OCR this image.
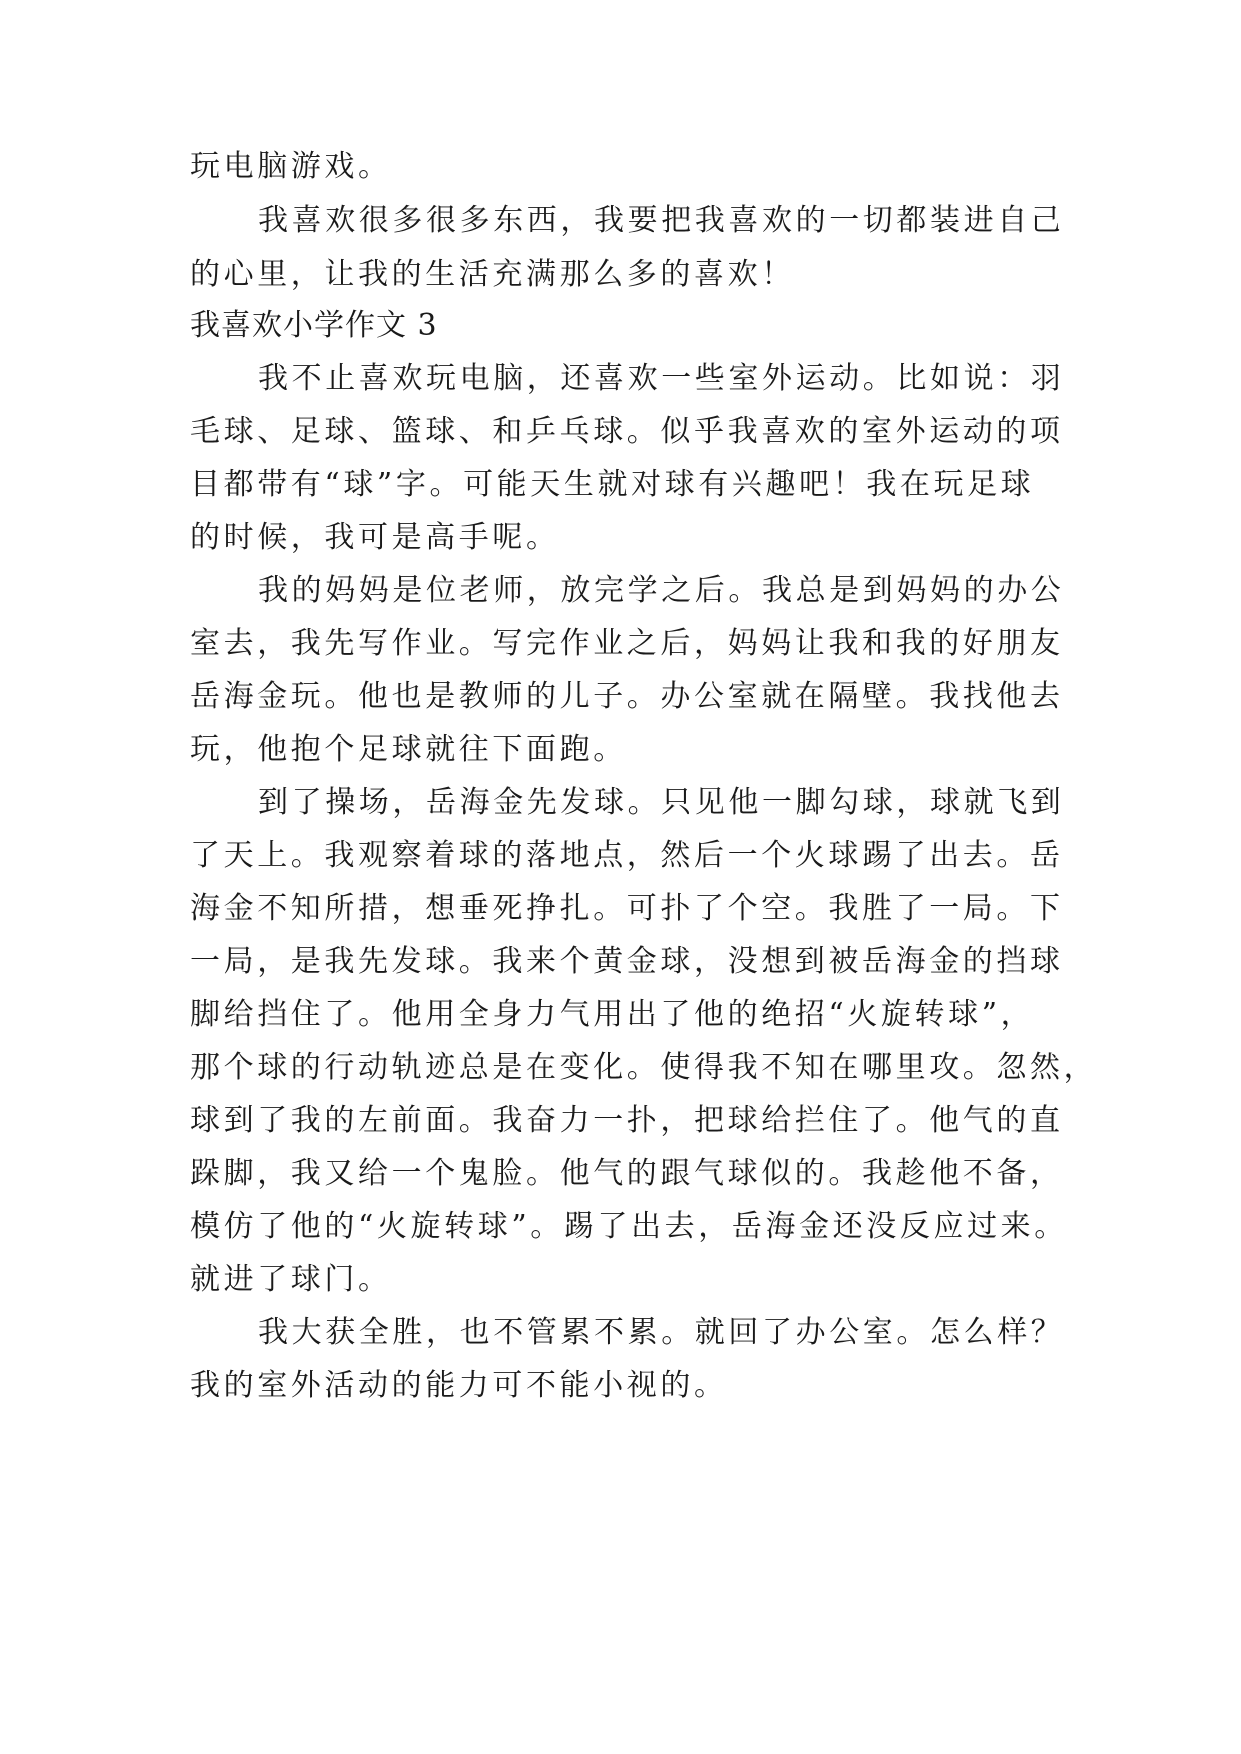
玩电脑游戏。
我喜欢很多很多东西，我要把我喜欢的一切都装进自己
的心里，让我的生活充满那么多的喜欢！
我喜欢小学作文 3
我不止喜欢玩电脑，还喜欢一些室外运动。比如说：羽
毛球、足球、篮球、和乒乓球。似乎我喜欢的室外运动的项
目都带有“球”字。可能天生就对球有兴趣吧！我在玩足球
的时候，我可是高手呢。
我的妈妈是位老师，放完学之后。我总是到妈妈的办公
室去，我先写作业。写完作业之后，妈妈让我和我的好朋友
岳海金玩。他也是教师的儿子。办公室就在隔壁。我找他去
玩，他抱个足球就往下面跑。
到了操场，岳海金先发球。只见他一脚勾球，球就飞到
了天上。我观察着球的落地点，然后一个火球踢了出去。岳
海金不知所措，想垂死挣扎。可扑了个空。我胜了一局。下
一局，是我先发球。我来个黄金球，没想到被岳海金的挡球
脚给挡住了。他用全身力气用出了他的绝招“火旋转球”，
那个球的行动轨迹总是在变化。使得我不知在哪里攻。忽然，
球到了我的左前面。我奋力一扑，把球给拦住了。他气的直
跺脚，我又给一个鬼脸。他气的跟气球似的。我趁他不备，
模仿了他的“火旋转球”。踢了出去，岳海金还没反应过来。
就进了球门。
我大获全胜，也不管累不累。就回了办公室。怎么样？
我的室外活动的能力可不能小视的。
